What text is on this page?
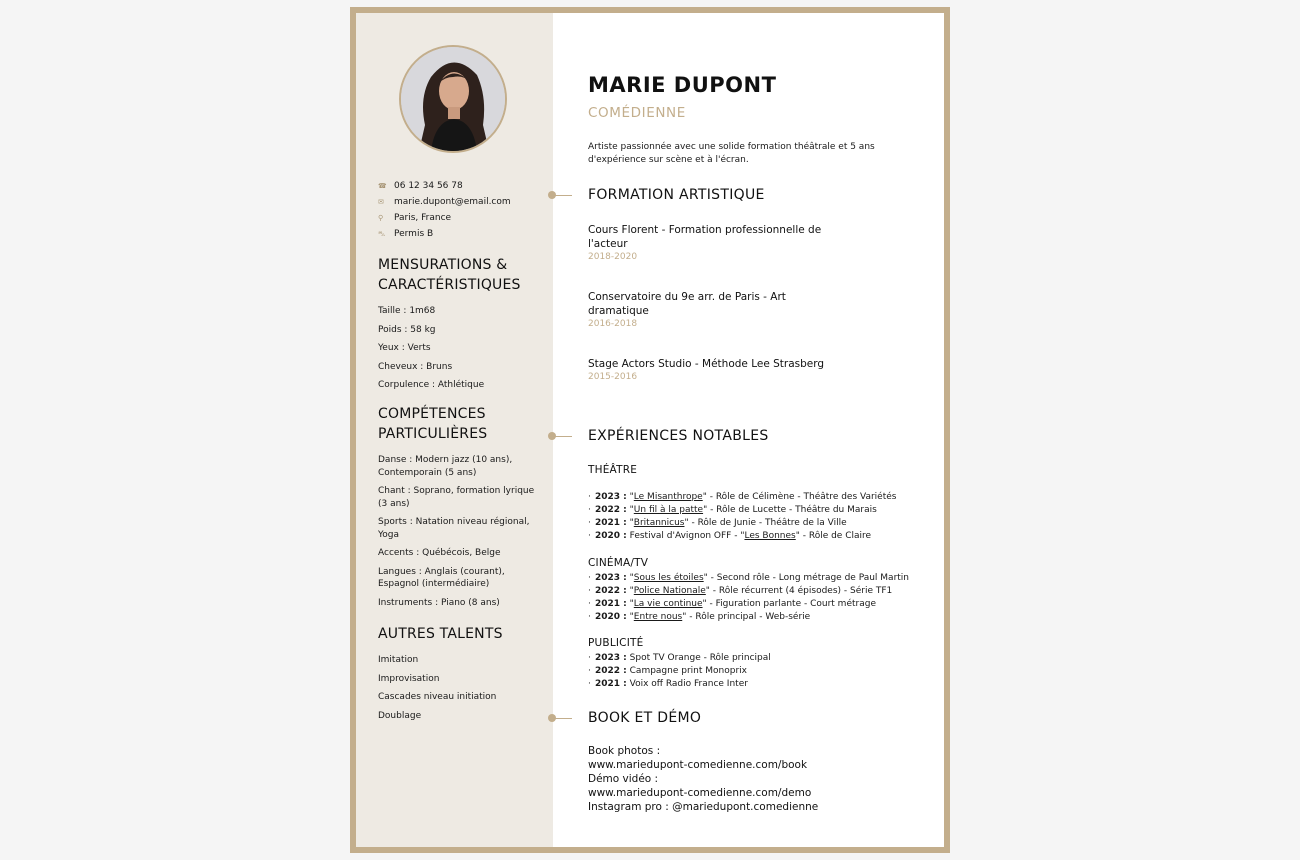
☎ 06 12 34 56 78
✉	marie.dupont@email.com
⚲	Paris, France
⛍ Permis B
MENSURATIONS & CARACTÉRISTIQUES
Taille : 1m68
Poids : 58 kg
Yeux : Verts
Cheveux : Bruns
Corpulence : Athlétique
COMPÉTENCES PARTICULIÈRES
Danse : Modern jazz (10 ans), Contemporain (5 ans)
Chant : Soprano, formation lyrique (3 ans)
Sports : Natation niveau régional, Yoga
Accents : Québécois, Belge
Langues : Anglais (courant), Espagnol (intermédiaire)
Instruments : Piano (8 ans)
AUTRES TALENTS
Imitation
Improvisation
Cascades niveau initiation
Doublage
MARIE DUPONT
COMÉDIENNE
Artiste passionnée avec une solide formation théâtrale et 5 ans d'expérience sur scène et à l'écran.
FORMATION ARTISTIQUE
Cours Florent - Formation professionnelle de l'acteur
2018-2020
Conservatoire du 9e arr. de Paris - Art dramatique
2016-2018
Stage Actors Studio - Méthode Lee Strasberg
2015-2016
EXPÉRIENCES NOTABLES
THÉÂTRE
· 2023 : "Le Misanthrope" - Rôle de Célimène - Théâtre des Variétés
· 2022 : "Un fil à la patte" - Rôle de Lucette - Théâtre du Marais
· 2021 : "Britannicus" - Rôle de Junie - Théâtre de la Ville
· 2020 : Festival d'Avignon OFF - "Les Bonnes" - Rôle de Claire
CINÉMA/TV
· 2023 : "Sous les étoiles" - Second rôle - Long métrage de Paul Martin
· 2022 : "Police Nationale" - Rôle récurrent (4 épisodes) - Série TF1
· 2021 : "La vie continue" - Figuration parlante - Court métrage
· 2020 : "Entre nous" - Rôle principal - Web-série
PUBLICITÉ
· 2023 : Spot TV Orange - Rôle principal
· 2022 : Campagne print Monoprix
· 2021 : Voix off Radio France Inter
BOOK ET DÉMO
Book photos :
www.mariedupont-comedienne.com/book
Démo vidéo :
www.mariedupont-comedienne.com/demo
Instagram pro : @mariedupont.comedienne
